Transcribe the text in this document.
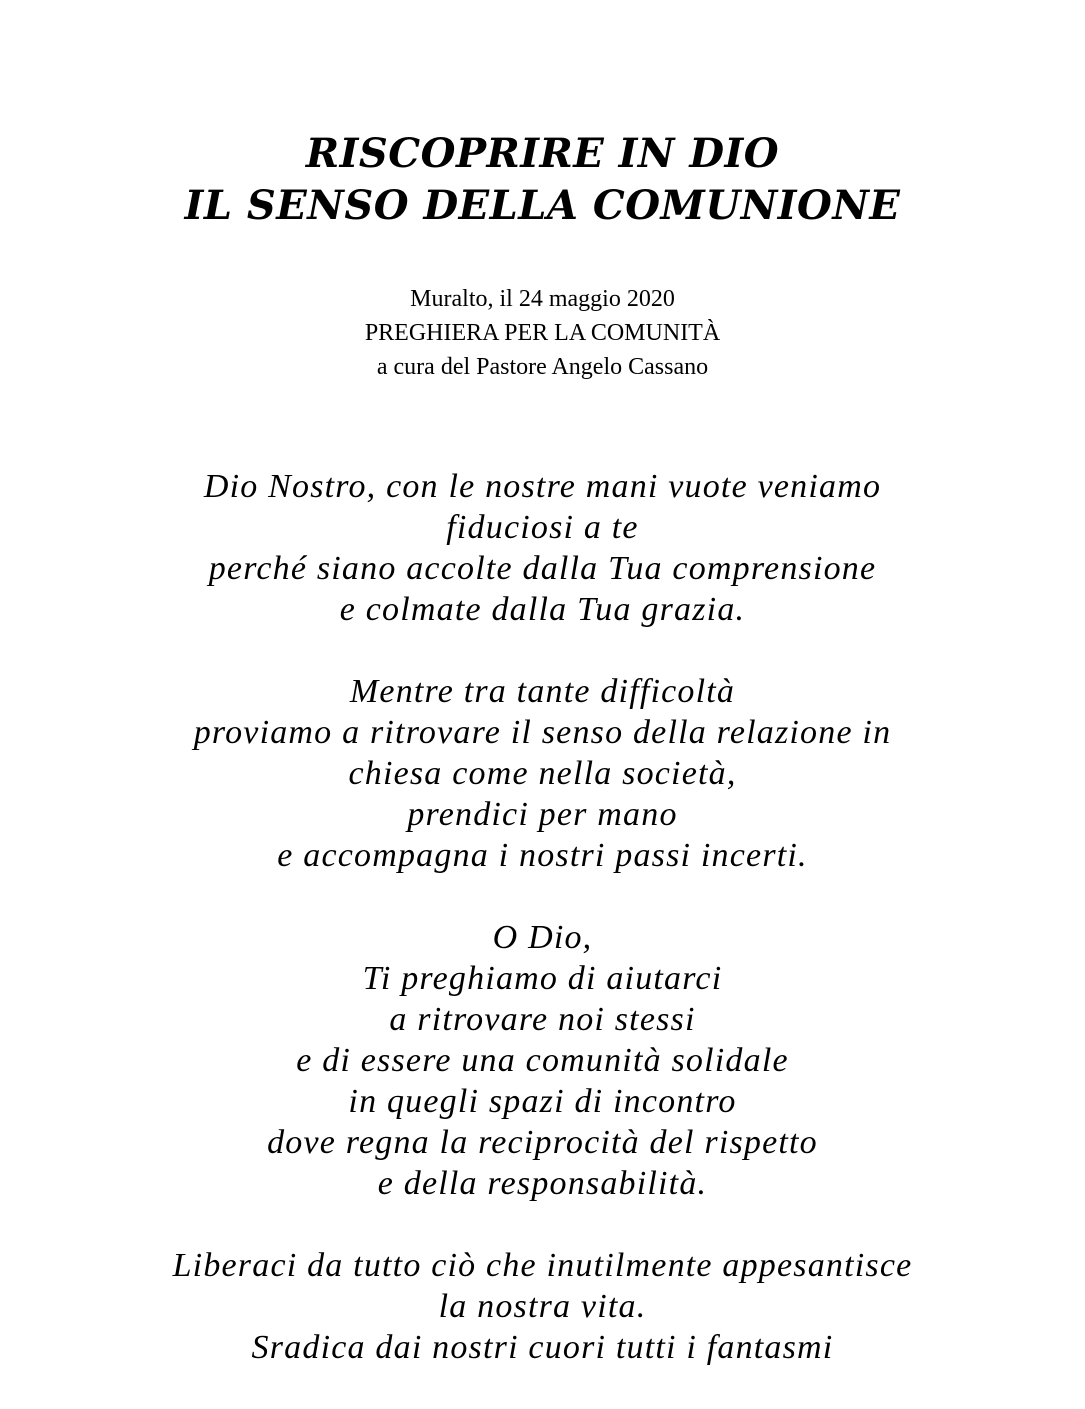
RISCOPRIRE IN DIO
IL SENSO DELLA COMUNIONE
Muralto, il 24 maggio 2020
PREGHIERA PER LA COMUNITÀ
a cura del Pastore Angelo Cassano
Dio Nostro, con le nostre mani vuote veniamo
fiduciosi a te
perché siano accolte dalla Tua comprensione
e colmate dalla Tua grazia.
Mentre tra tante difficoltà
proviamo a ritrovare il senso della relazione in
chiesa come nella società,
prendici per mano
e accompagna i nostri passi incerti.
O Dio,
Ti preghiamo di aiutarci
a ritrovare noi stessi
e di essere una comunità solidale
in quegli spazi di incontro
dove regna la reciprocità del rispetto
e della responsabilità.
Liberaci da tutto ciò che inutilmente appesantisce
la nostra vita.
Sradica dai nostri cuori tutti i fantasmi
